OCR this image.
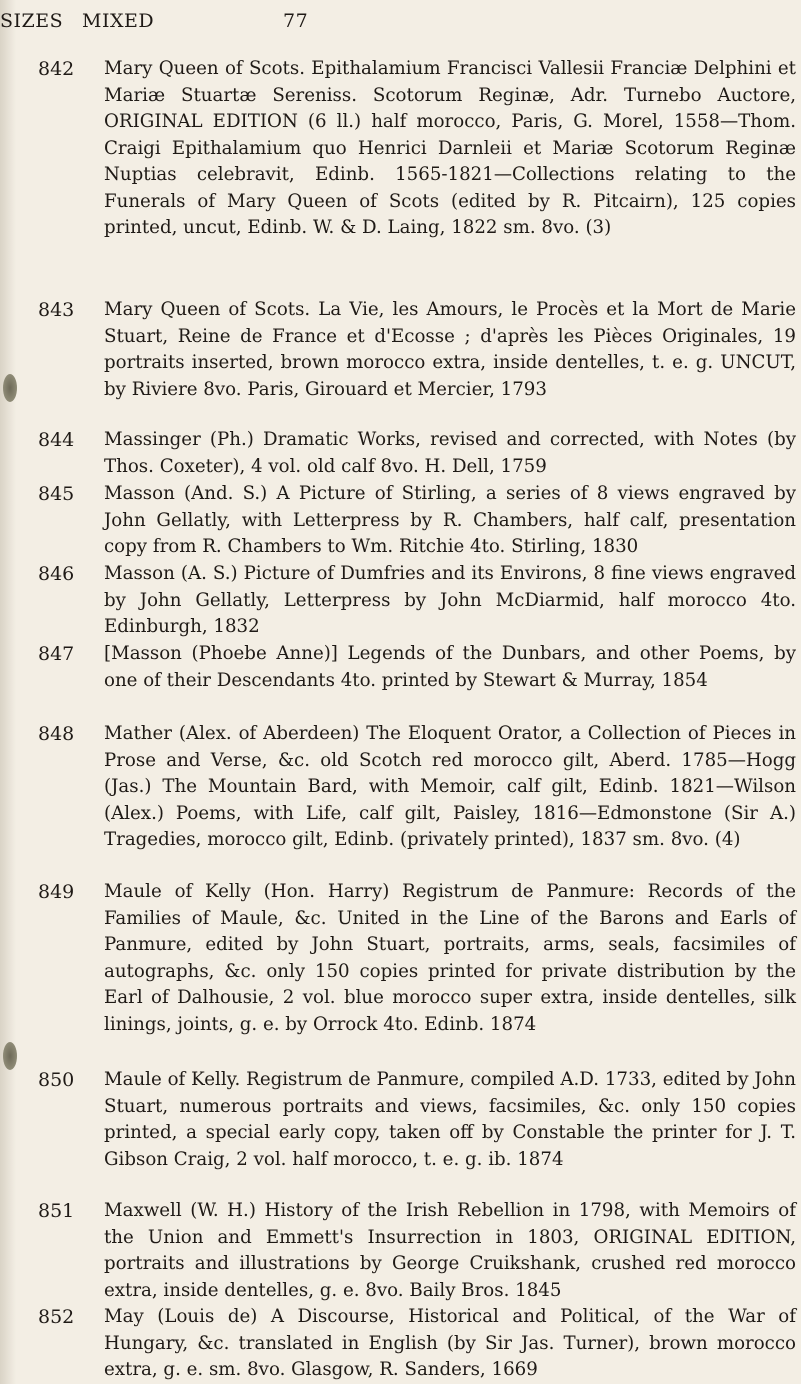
SIZES MIXED	77
842 Mary Queen of Scots. Epithalamium Francisci Vallesii Franciæ Delphini et Mariæ Stuartæ Sereniss. Scotorum Reginæ, Adr. Turnebo Auctore, ORIGINAL EDITION (6 ll.) half morocco, Paris, G. Morel, 1558—Thom. Craigi Epithalamium quo Henrici Darnleii et Mariæ Scotorum Reginæ Nuptias celebravit, Edinb. 1565-1821—Collections relating to the Funerals of Mary Queen of Scots (edited by R. Pitcairn), 125 copies printed, uncut, Edinb. W. & D. Laing, 1822 sm. 8vo. (3)

843 Mary Queen of Scots. La Vie, les Amours, le Procès et la Mort de Marie Stuart, Reine de France et d'Ecosse ; d'après les Pièces Originales, 19 portraits inserted, brown morocco extra, inside dentelles, t. e. g. UNCUT, by Riviere 8vo. Paris, Girouard et Mercier, 1793

844 Massinger (Ph.) Dramatic Works, revised and corrected, with Notes (by Thos. Coxeter), 4 vol. old calf 8vo. H. Dell, 1759

845 Masson (And. S.) A Picture of Stirling, a series of 8 views engraved by John Gellatly, with Letterpress by R. Chambers, half calf, presentation copy from R. Chambers to Wm. Ritchie 4to. Stirling, 1830

846 Masson (A. S.) Picture of Dumfries and its Environs, 8 fine views engraved by John Gellatly, Letterpress by John McDiarmid, half morocco 4to. Edinburgh, 1832

847 [Masson (Phoebe Anne)] Legends of the Dunbars, and other Poems, by one of their Descendants 4to. printed by Stewart & Murray, 1854

848 Mather (Alex. of Aberdeen) The Eloquent Orator, a Collection of Pieces in Prose and Verse, &c. old Scotch red morocco gilt, Aberd. 1785—Hogg (Jas.) The Mountain Bard, with Memoir, calf gilt, Edinb. 1821—Wilson (Alex.) Poems, with Life, calf gilt, Paisley, 1816—Edmonstone (Sir A.) Tragedies, morocco gilt, Edinb. (privately printed), 1837 sm. 8vo. (4)

849 Maule of Kelly (Hon. Harry) Registrum de Panmure: Records of the Families of Maule, &c. United in the Line of the Barons and Earls of Panmure, edited by John Stuart, portraits, arms, seals, facsimiles of autographs, &c. only 150 copies printed for private distribution by the Earl of Dalhousie, 2 vol. blue morocco super extra, inside dentelles, silk linings, joints, g. e. by Orrock 4to. Edinb. 1874

850 Maule of Kelly. Registrum de Panmure, compiled A.D. 1733, edited by John Stuart, numerous portraits and views, facsimiles, &c. only 150 copies printed, a special early copy, taken off by Constable the printer for J. T. Gibson Craig, 2 vol. half morocco, t. e. g. ib. 1874

851 Maxwell (W. H.) History of the Irish Rebellion in 1798, with Memoirs of the Union and Emmett's Insurrection in 1803, ORIGINAL EDITION, portraits and illustrations by George Cruikshank, crushed red morocco extra, inside dentelles, g. e. 8vo. Baily Bros. 1845

852 May (Louis de) A Discourse, Historical and Political, of the War of Hungary, &c. translated in English (by Sir Jas. Turner), brown morocco extra, g. e. sm. 8vo. Glasgow, R. Sanders, 1669
